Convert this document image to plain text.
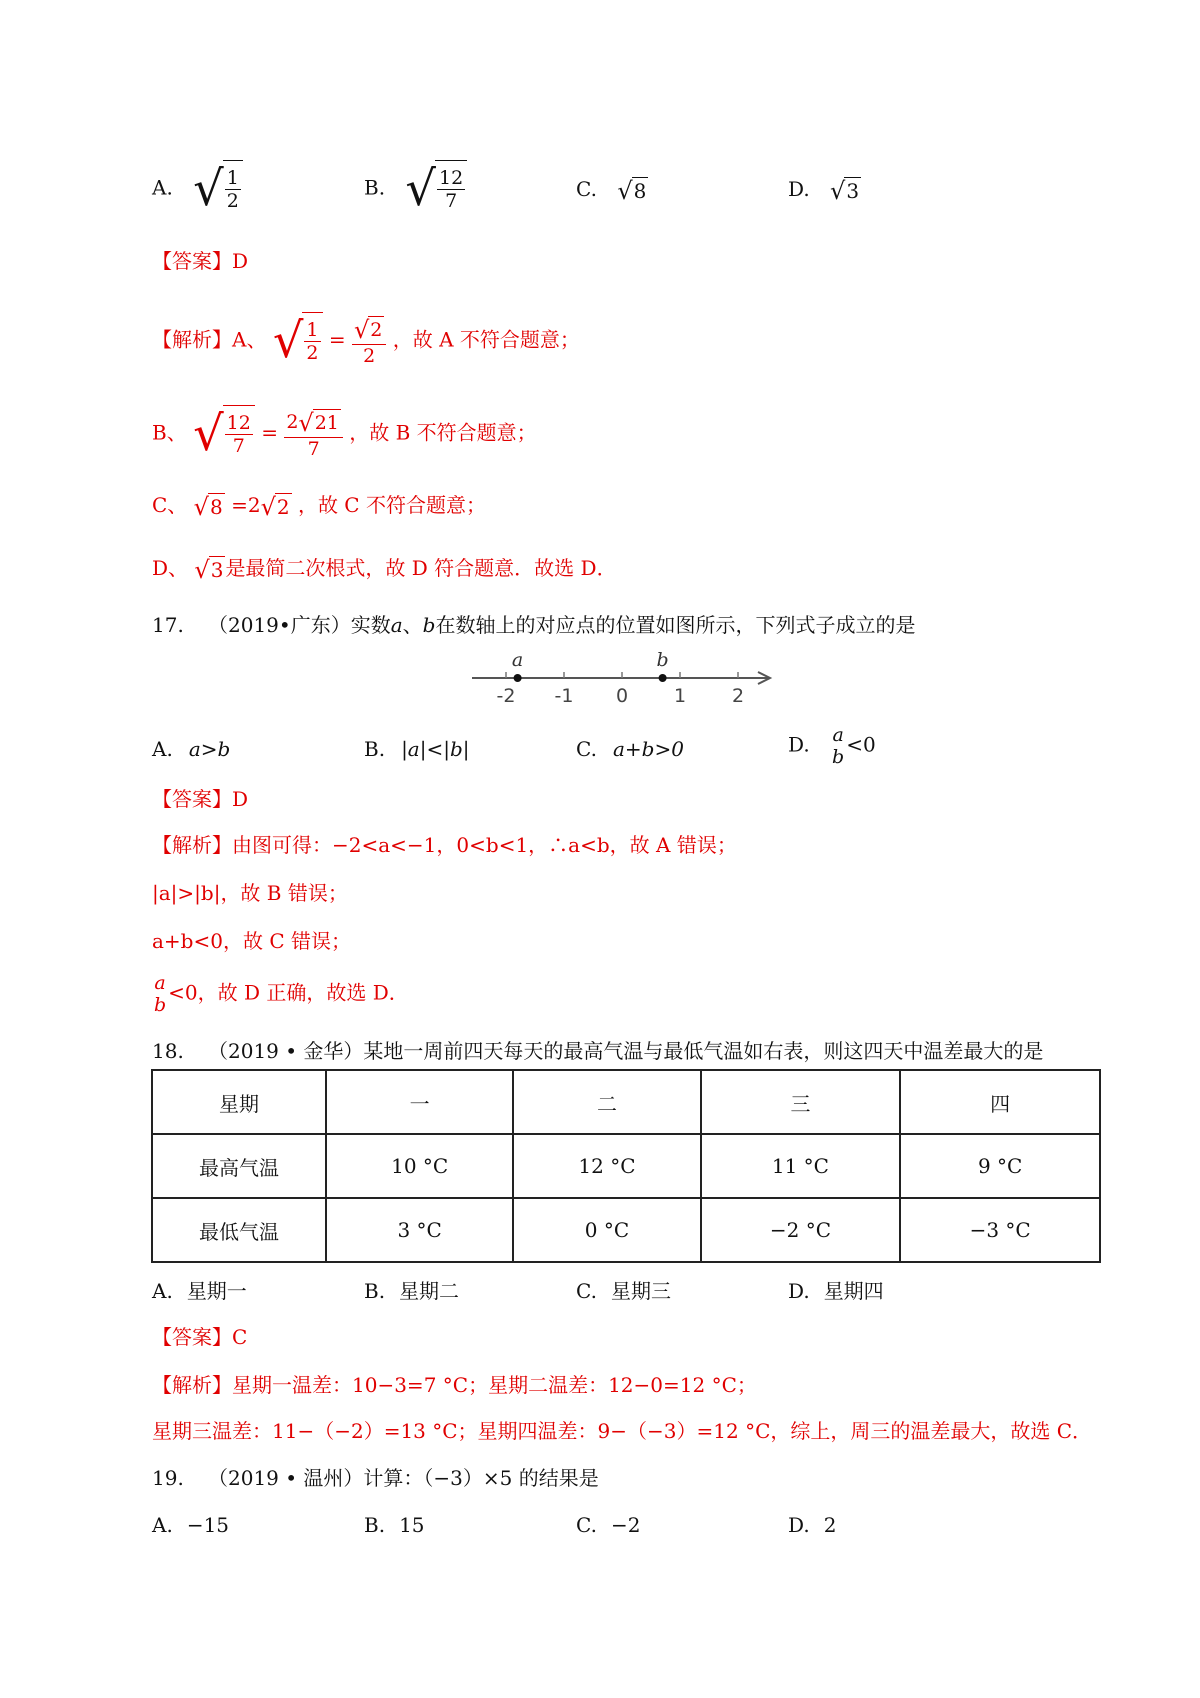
A. √ $\frac{1}{2}$	B. √ $\frac{12}{7}$	C. √ 8	D. √ 3
【答案】D
【解析】A、 √ $\frac{1}{2} = \frac{√ 2}{2}$ ，故 A 不符合题意；
B、 √ $\frac{12}{7} = \frac{2 √ 21}{7}$ ，故 B 不符合题意；
C、 √ 8 =2 √ 2 ，故 C 不符合题意；
D、 √ 3 是最简二次根式，故 D 符合题意．故选 D．
17. （2019•广东）实数a、b在数轴上的对应点的位置如图所示，下列式子成立的是
-2 -1 0 1 2
a	b
A. a>b	B. |a|<|b|	C. a+b>0	D. a
b
<0
【答案】D
【解析】由图可得：−2<a<−1，0<b<1，∴a<b，故 A 错误；
|a|>|b|，故 B 错误；
a+b<0，故 C 错误；
a
b
<0，故 D 正确，故选 D．
18. （2019 • 金华）某地一周前四天每天的最高气温与最低气温如右表，则这四天中温差最大的是
星期	一	二	三	四
最高气温	10 °C	12 °C	11 °C	9 °C
最低气温	3 °C	0 °C	−2 °C	−3 °C
A. 星期一	B. 星期二	C. 星期三	D. 星期四
【答案】C
【解析】星期一温差：10−3=7 °C；星期二温差：12−0=12 °C；
星期三温差：11−（−2）=13 °C；星期四温差：9−（−3）=12 °C，综上，周三的温差最大，故选 C．
19. （2019 • 温州）计算：（−3）×5 的结果是
A. −15	B. 15	C. −2	D. 2
